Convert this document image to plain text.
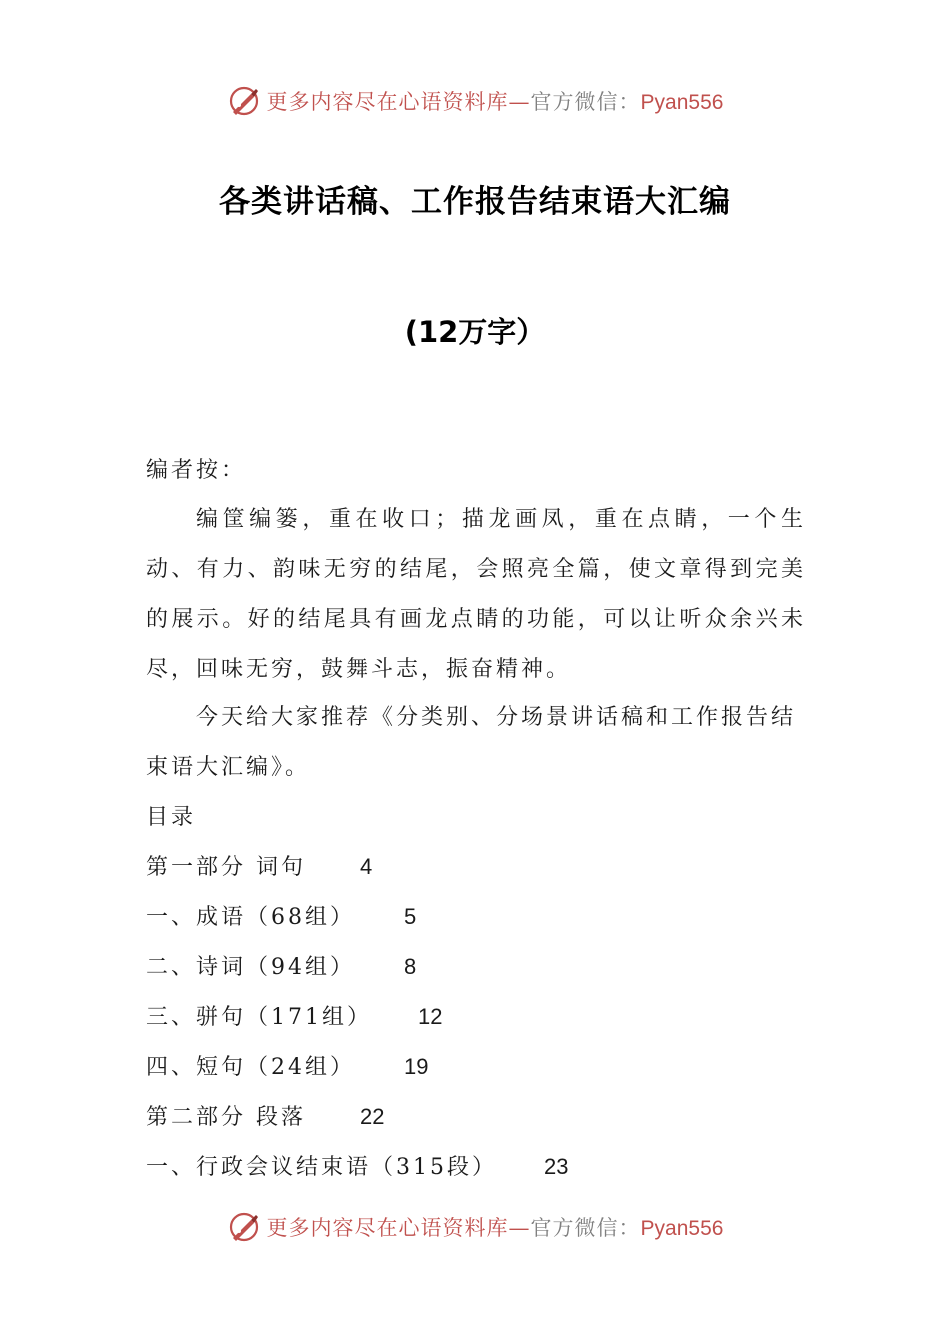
更多内容尽在心语资料库—官方微信：Pyan556
各类讲话稿、工作报告结束语大汇编
(12万字）
编者按：
编筐编篓，重在收口；描龙画凤，重在点睛，一个生动、有力、韵味无穷的结尾，会照亮全篇，使文章得到完美的展示。好的结尾具有画龙点睛的功能，可以让听众余兴未尽，回味无穷，鼓舞斗志，振奋精神。
今天给大家推荐《分类别、分场景讲话稿和工作报告结束语大汇编》。
目录
第一部分 词句 4
一、成语（68组） 5
二、诗词（94组） 8
三、骈句（171组） 12
四、短句（24组） 19
第二部分 段落 22
一、行政会议结束语（315段） 23
更多内容尽在心语资料库—官方微信：Pyan556
